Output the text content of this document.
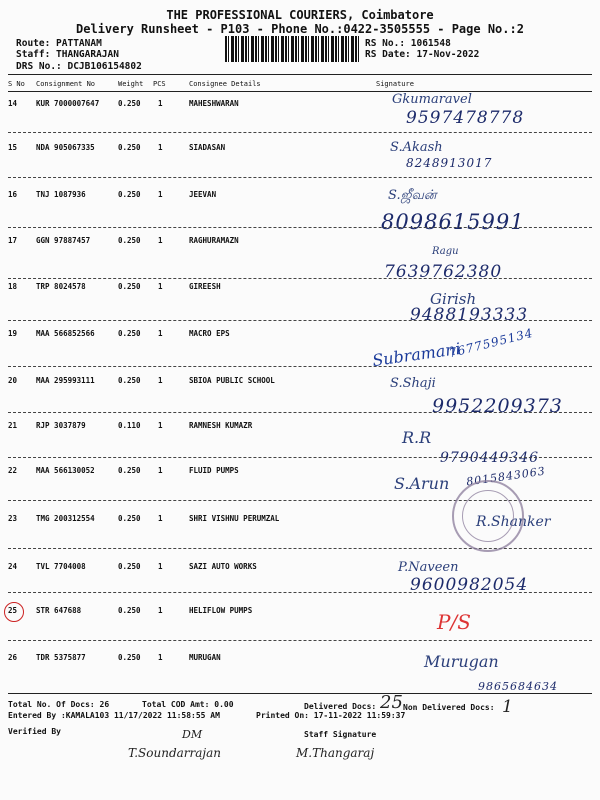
THE PROFESSIONAL COURIERS, Coimbatore
Delivery Runsheet - P103 - Phone No.:0422-3505555 - Page No.:2
Route: PATTANAM
Staff: THANGARAJAN
DRS No.: DCJB106154802
RS No.: 1061548
RS Date: 17-Nov-2022
S No Consignment No	Weight PCS	Consignee Details	Signature
14	KUR 7000007647	0.250 1	MAHESHWARAN	Gkumaravel
9597478778
15	NDA 905067335	0.250 1	SIADASAN	S.Akash
8248913017
16	TNJ 1087936	0.250 1	JEEVAN	S.ஜீவன்
8098615991
17	GGN 97887457	0.250 1	RAGHURAMAZN
Ragu
7639762380
18	TRP 8024578	0.250 1	GIREESH
Girish
9488193333
19	MAA 566852566	0.250 1	MACRO EPS
Subramani
7677595134
20	MAA 295993111	0.250 1	SBIOA PUBLIC SCHOOL	S.Shaji
9952209373
21	RJP 3037879	0.110 1	RAMNESH KUMAZR
R.R
9790449346
22	MAA 566130052	0.250 1	FLUID PUMPS
S.Arun 8015843063
23	TMG 200312554	0.250 1	SHRI VISHNU PERUMZAL	R.Shanker
24	TVL 7704008	0.250 1	SAZI AUTO WORKS	P.Naveen
9600982054
25	STR 647688	0.250 1	HELIFLOW PUMPS	P/S
26	TDR 5375877	0.250 1	MURUGAN	Murugan
9865684634
Total No. Of Docs: 26	Total COD Amt: 0.00	Delivered Docs: 25 Non Delivered Docs: 1
Entered By :KAMALA103 11/17/2022 11:58:55 AM	Printed On: 17-11-2022 11:59:37
Verified By	Staff Signature
DM
T.Soundarrajan	M.Thangaraj
